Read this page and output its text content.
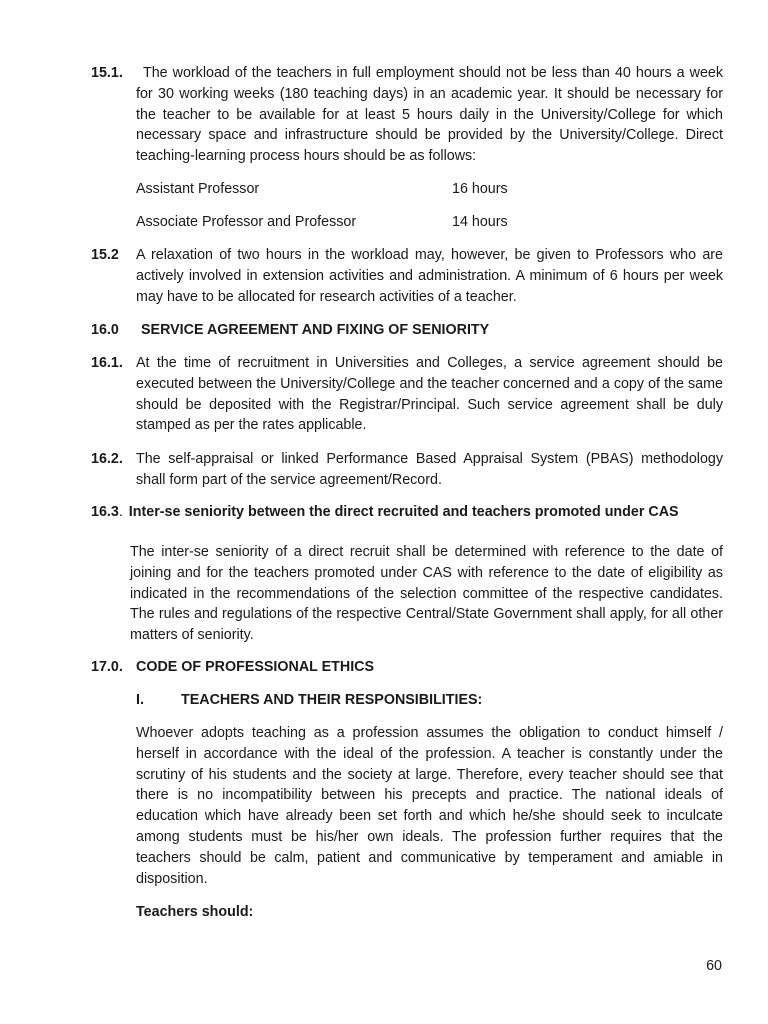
15.1.	The workload of the teachers in full employment should not be less than 40 hours a week for 30 working weeks (180 teaching days) in an academic year. It should be necessary for the teacher to be available for at least 5 hours daily in the University/College for which necessary space and infrastructure should be provided by the University/College. Direct teaching-learning process hours should be as follows:

Assistant Professor	16 hours
Associate Professor and Professor	14 hours
15.2 A relaxation of two hours in the workload may, however, be given to Professors who are actively involved in extension activities and administration. A minimum of 6 hours per week may have to be allocated for research activities of a teacher.

16.0 SERVICE AGREEMENT AND FIXING OF SENIORITY
16.1. At the time of recruitment in Universities and Colleges, a service agreement should be executed between the University/College and the teacher concerned and a copy of the same should be deposited with the Registrar/Principal. Such service agreement shall be duly stamped as per the rates applicable.

16.2. The self-appraisal or linked Performance Based Appraisal System (PBAS) methodology shall form part of the service agreement/Record.

16.3. Inter-se seniority between the direct recruited and teachers promoted under CAS

The inter-se seniority of a direct recruit shall be determined with reference to the date of joining and for the teachers promoted under CAS with reference to the date of eligibility as indicated in the recommendations of the selection committee of the respective candidates. The rules and regulations of the respective Central/State Government shall apply, for all other matters of seniority.

17.0. CODE OF PROFESSIONAL ETHICS
I.	TEACHERS AND THEIR RESPONSIBILITIES:

Whoever adopts teaching as a profession assumes the obligation to conduct himself / herself in accordance with the ideal of the profession. A teacher is constantly under the scrutiny of his students and the society at large. Therefore, every teacher should see that there is no incompatibility between his precepts and practice. The national ideals of education which have already been set forth and which he/she should seek to inculcate among students must be his/her own ideals. The profession further requires that the teachers should be calm, patient and communicative by temperament and amiable in disposition.

Teachers should:
60
